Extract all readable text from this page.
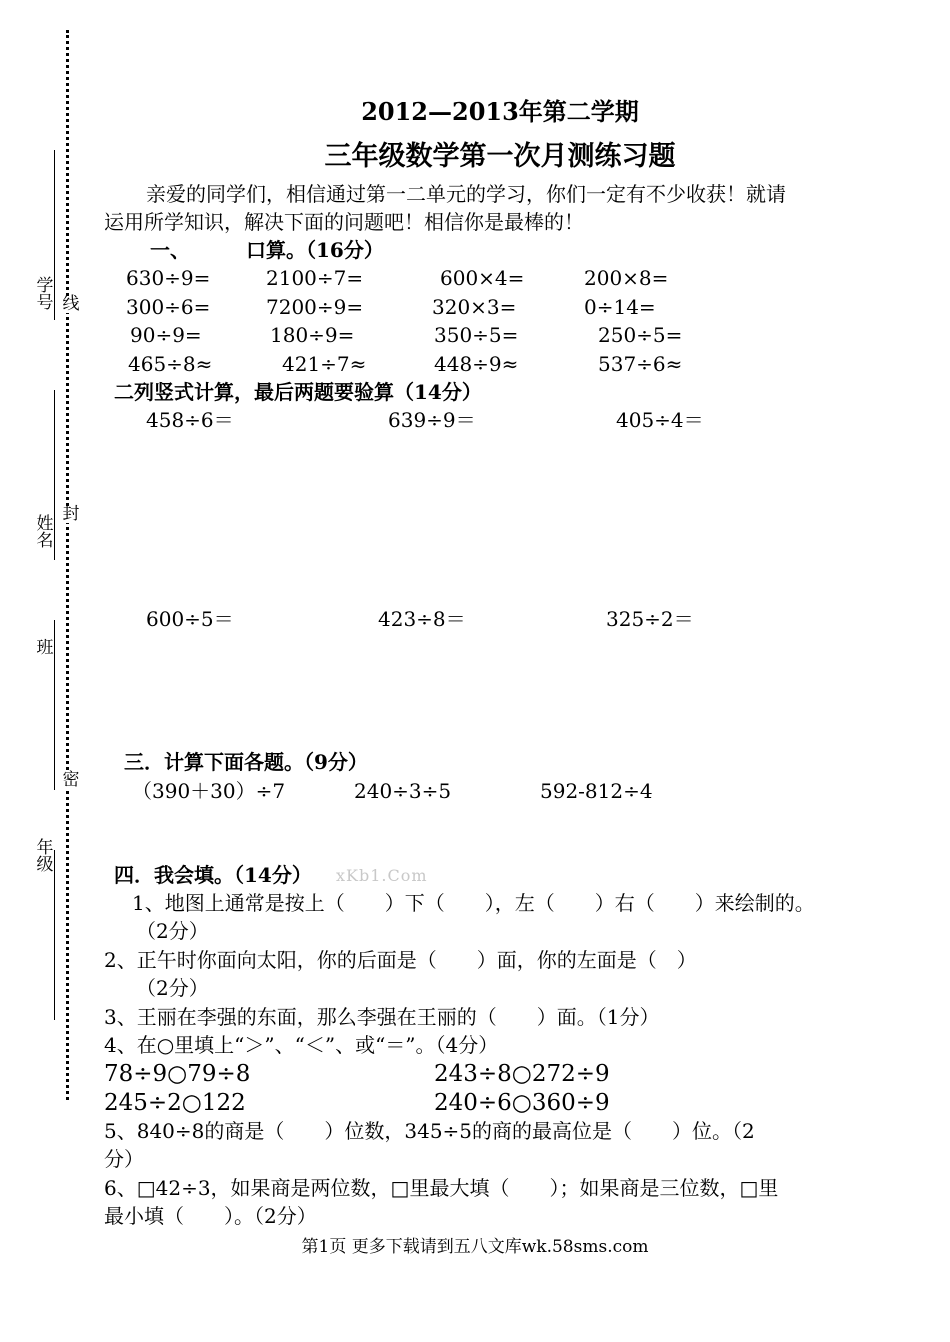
学号 线
姓名
封
班
密
年级
2012—2013年第二学期
三年级数学第一次月测练习题
亲爱的同学们，相信通过第一二单元的学习，你们一定有不少收获！就请
运用所学知识，解决下面的问题吧！相信你是最棒的！
一、	口算。（16分）
630÷9=	2100÷7=	600×4=	200×8=
300÷6=	7200÷9=	320×3=	0÷14=
90÷9=	180÷9=	350÷5=	250÷5=
465÷8≈	421÷7≈	448÷9≈	537÷6≈
二列竖式计算，最后两题要验算（14分）
458÷6＝	639÷9＝	405÷4＝
600÷5＝	423÷8＝	325÷2＝
三．计算下面各题。（9分）
（390＋30）÷7	240÷3÷5	592-812÷4
四．我会填。（14分） xKb1.Com
1、地图上通常是按上（　　）下（　　），左（　　）右（　　）来绘制的。
（2分）
2、正午时你面向太阳，你的后面是（　　）面，你的左面是（　）
（2分）
3、王丽在李强的东面，那么李强在王丽的（　　）面。（1分）
4、在○里填上“＞”、“＜”、或“＝”。（4分）
78÷9○79÷8	243÷8○272÷9
245÷2○122	240÷6○360÷9
5、840÷8的商是（　　）位数，345÷5的商的最高位是（　　）位。（2
分）
6、□42÷3，如果商是两位数，□里最大填（　　）；如果商是三位数，□里
最小填（　　）。（2分）
第1页 更多下载请到五八文库wk.58sms.com
